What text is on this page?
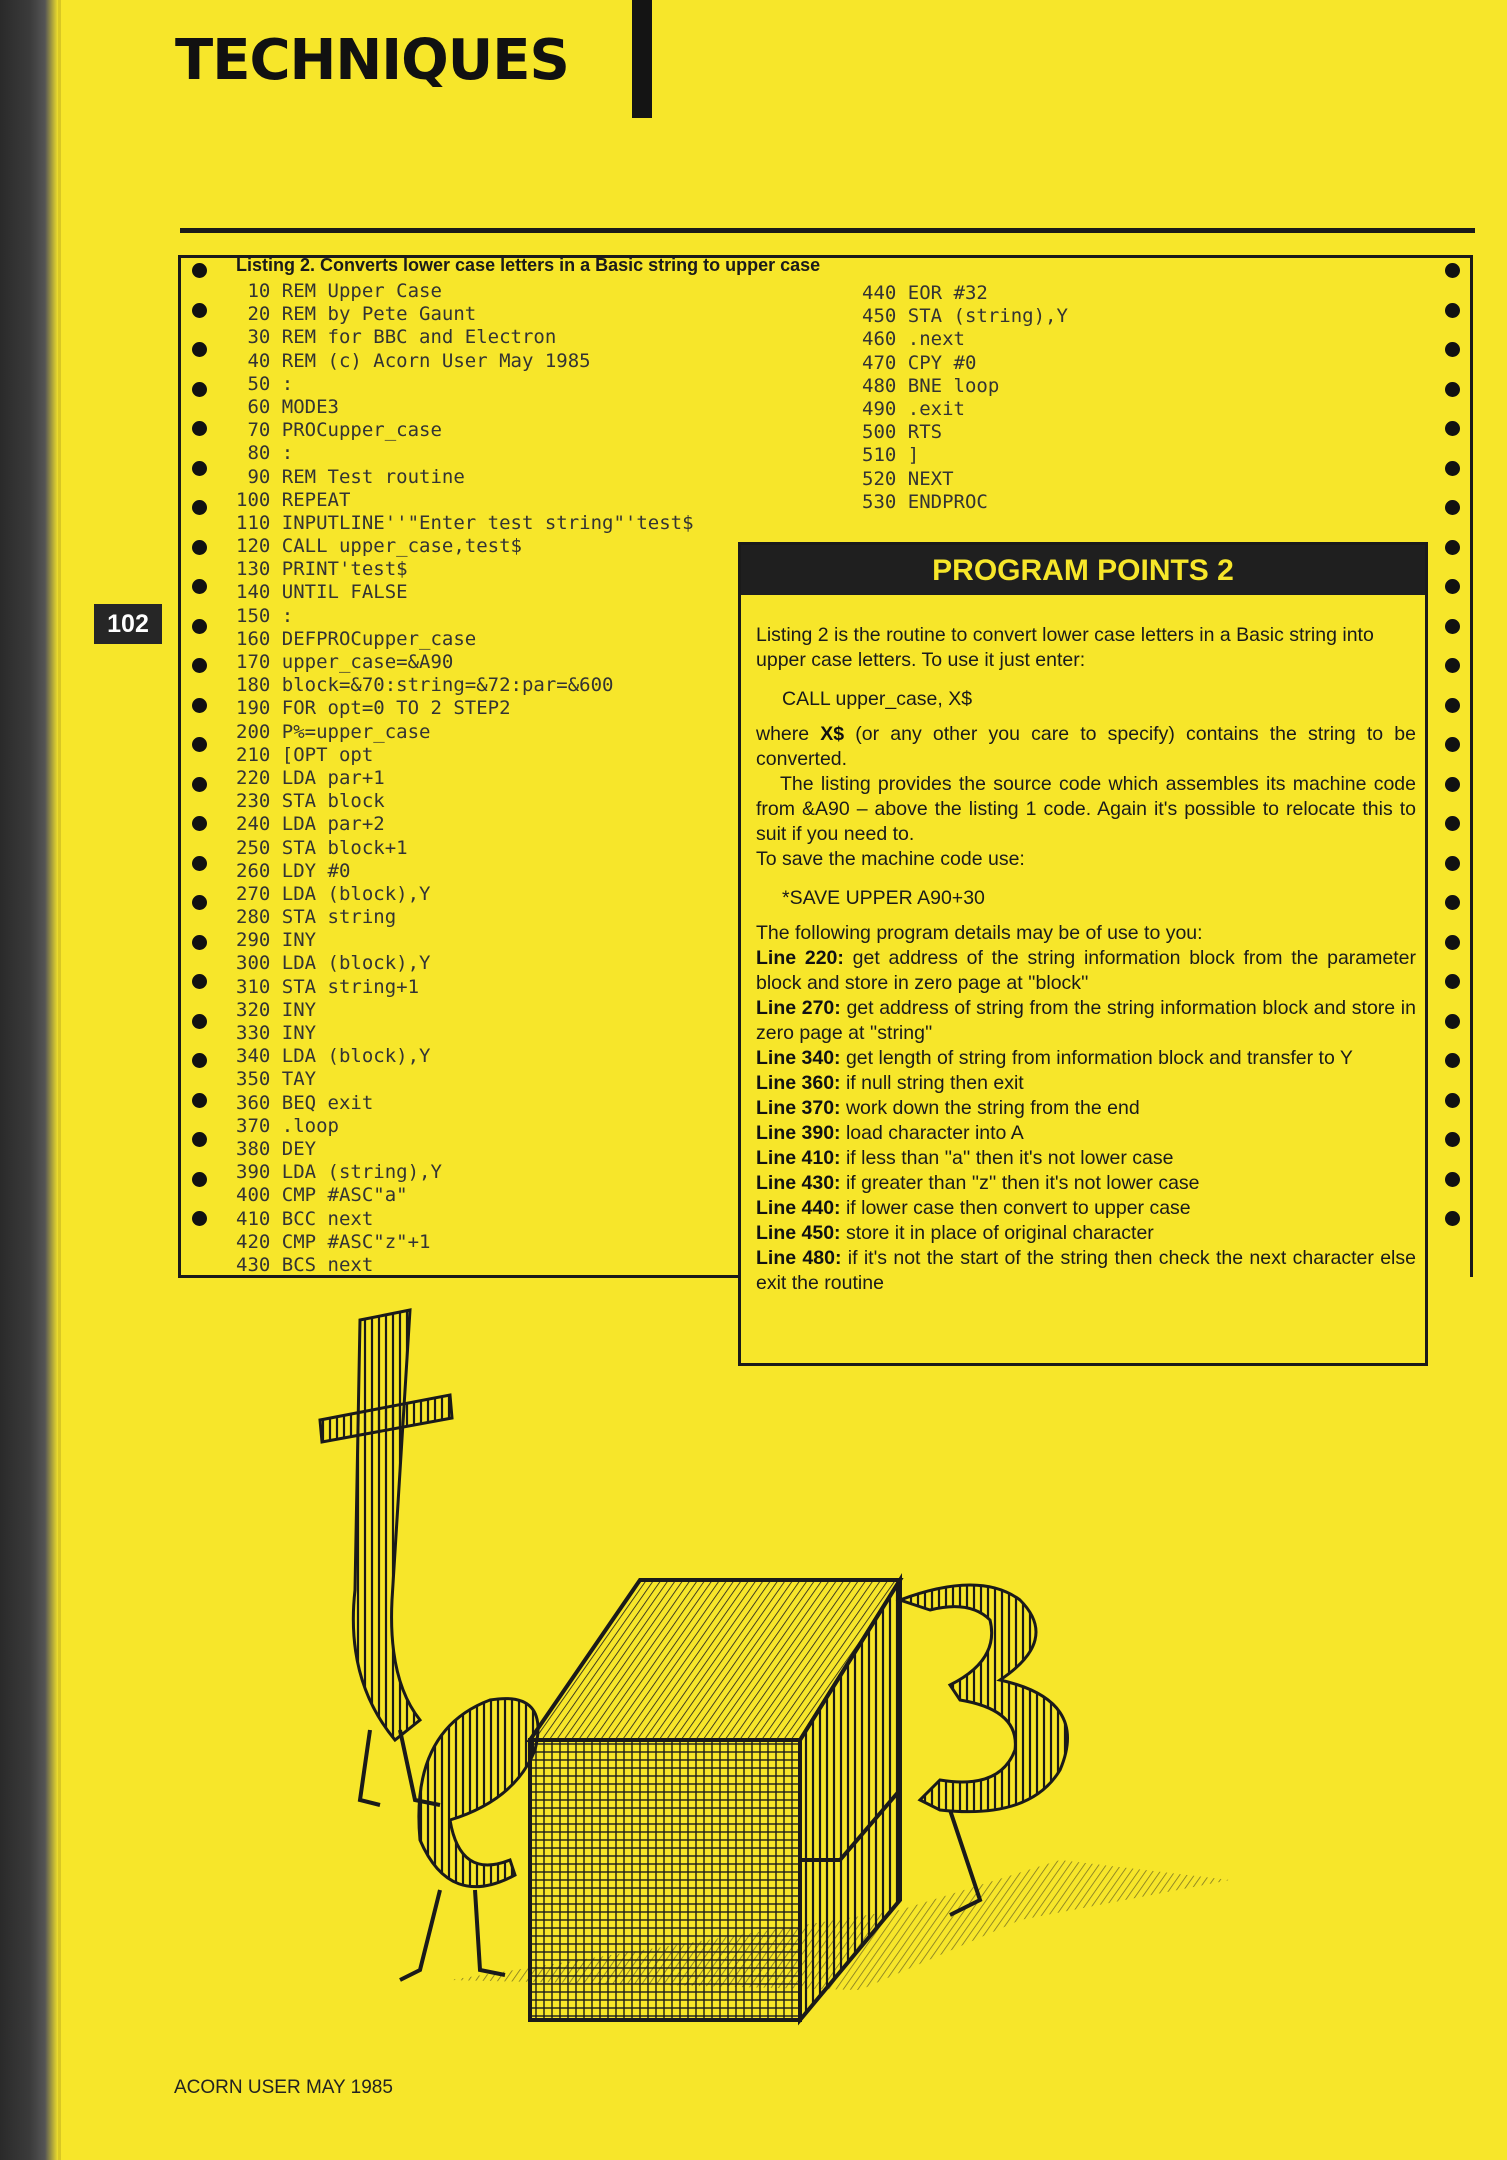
TECHNIQUES
102
Listing 2. Converts lower case letters in a Basic string to upper case
10 REM Upper Case
20 REM by Pete Gaunt
30 REM for BBC and Electron
40 REM (c) Acorn User May 1985
50 :
60 MODE3
70 PROCupper_case
80 :
90 REM Test routine
100 REPEAT
110 INPUTLINE''"Enter test string"'test$
120 CALL upper_case,test$
130 PRINT'test$
140 UNTIL FALSE
150 :
160 DEFPROCupper_case
170 upper_case=&A90
180 block=&70:string=&72:par=&600
190 FOR opt=0 TO 2 STEP2
200 P%=upper_case
210 [OPT opt
220 LDA par+1
230 STA block
240 LDA par+2
250 STA block+1
260 LDY #0
270 LDA (block),Y
280 STA string
290 INY
300 LDA (block),Y
310 STA string+1
320 INY
330 INY
340 LDA (block),Y
350 TAY
360 BEQ exit
370 .loop
380 DEY
390 LDA (string),Y
400 CMP #ASC"a"
410 BCC next
420 CMP #ASC"z"+1
430 BCS next
440 EOR #32
450 STA (string),Y
460 .next
470 CPY #0
480 BNE loop
490 .exit
500 RTS
510 ]
520 NEXT
530 ENDPROC
PROGRAM POINTS 2

Listing 2 is the routine to convert lower case letters in a Basic string into upper case letters. To use it just enter:

CALL upper_case, X$

where X$ (or any other you care to specify) contains the string to be converted.

The listing provides the source code which assembles its machine code from &A90 – above the listing 1 code. Again it's possible to relocate this to suit if you need to.

To save the machine code use:

*SAVE UPPER A90+30

The following program details may be of use to you:

Line 220: get address of the string information block from the parameter block and store in zero page at ''block''

Line 270: get address of string from the string information block and store in zero page at ''string''

Line 340: get length of string from information block and transfer to Y

Line 360: if null string then exit

Line 370: work down the string from the end

Line 390: load character into A

Line 410: if less than ''a'' then it's not lower case

Line 430: if greater than ''z'' then it's not lower case

Line 440: if lower case then convert to upper case

Line 450: store it in place of original character

Line 480: if it's not the start of the string then check the next character else exit the routine

ACORN USER MAY 1985
